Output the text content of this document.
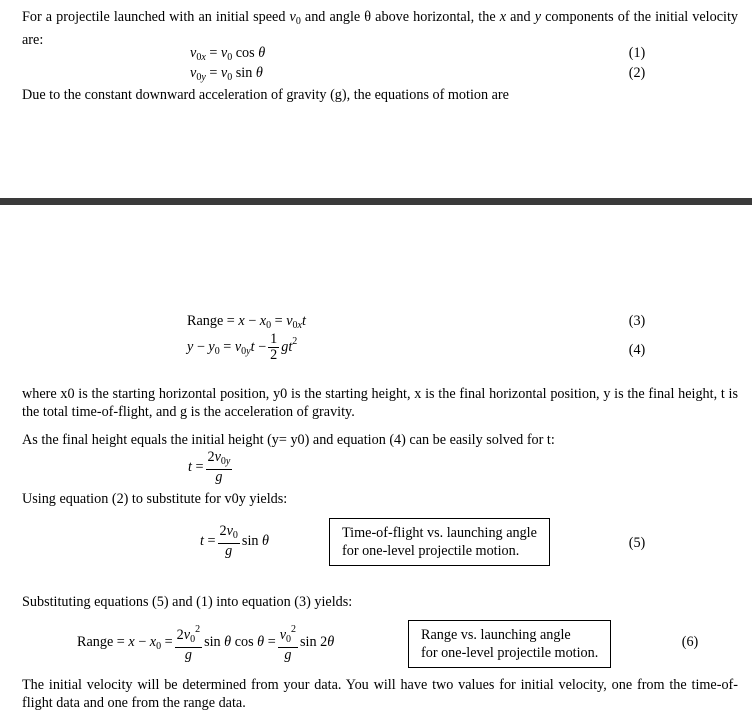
For a projectile launched with an initial speed $v_0$ and angle θ above horizontal, the x and y components of the initial velocity are:
$v_{0x} = v_0$ cos θ	(1)
$v_{0y} = v_0$ sin θ	(2)
Due to the constant downward acceleration of gravity (g), the equations of motion are
Range = $x - x_0 = v_{0x}t$	(3)
$y - y_0 = v_{0y}t - \frac{1}{2} gt^2$
(4)
where x0 is the starting horizontal position, y0 is the starting height, x is the final horizontal position, y is the final height, t is the total time-of-flight, and g is the acceleration of gravity.
As the final height equals the initial height (y= y0) and equation (4) can be easily solved for t:
$t = \frac{2v_{0y}}{g}$
Using equation (2) to substitute for v0y yields:
$t = \frac{2v_0}{g}$ sin θ	Time-of-flight vs. launching angle
for one-level projectile motion.	(5)
Substituting equations (5) and (1) into equation (3) yields:
Range = $x - x_0 = \frac{2v_0^2}{g}$ sin θ $\cos \theta = \frac{v_0^2}{g}$ sin 2θ	Range vs. launching angle
for one-level projectile motion.
(6)
The initial velocity will be determined from your data. You will have two values for initial velocity, one from the time-of-flight data and one from the range data.
